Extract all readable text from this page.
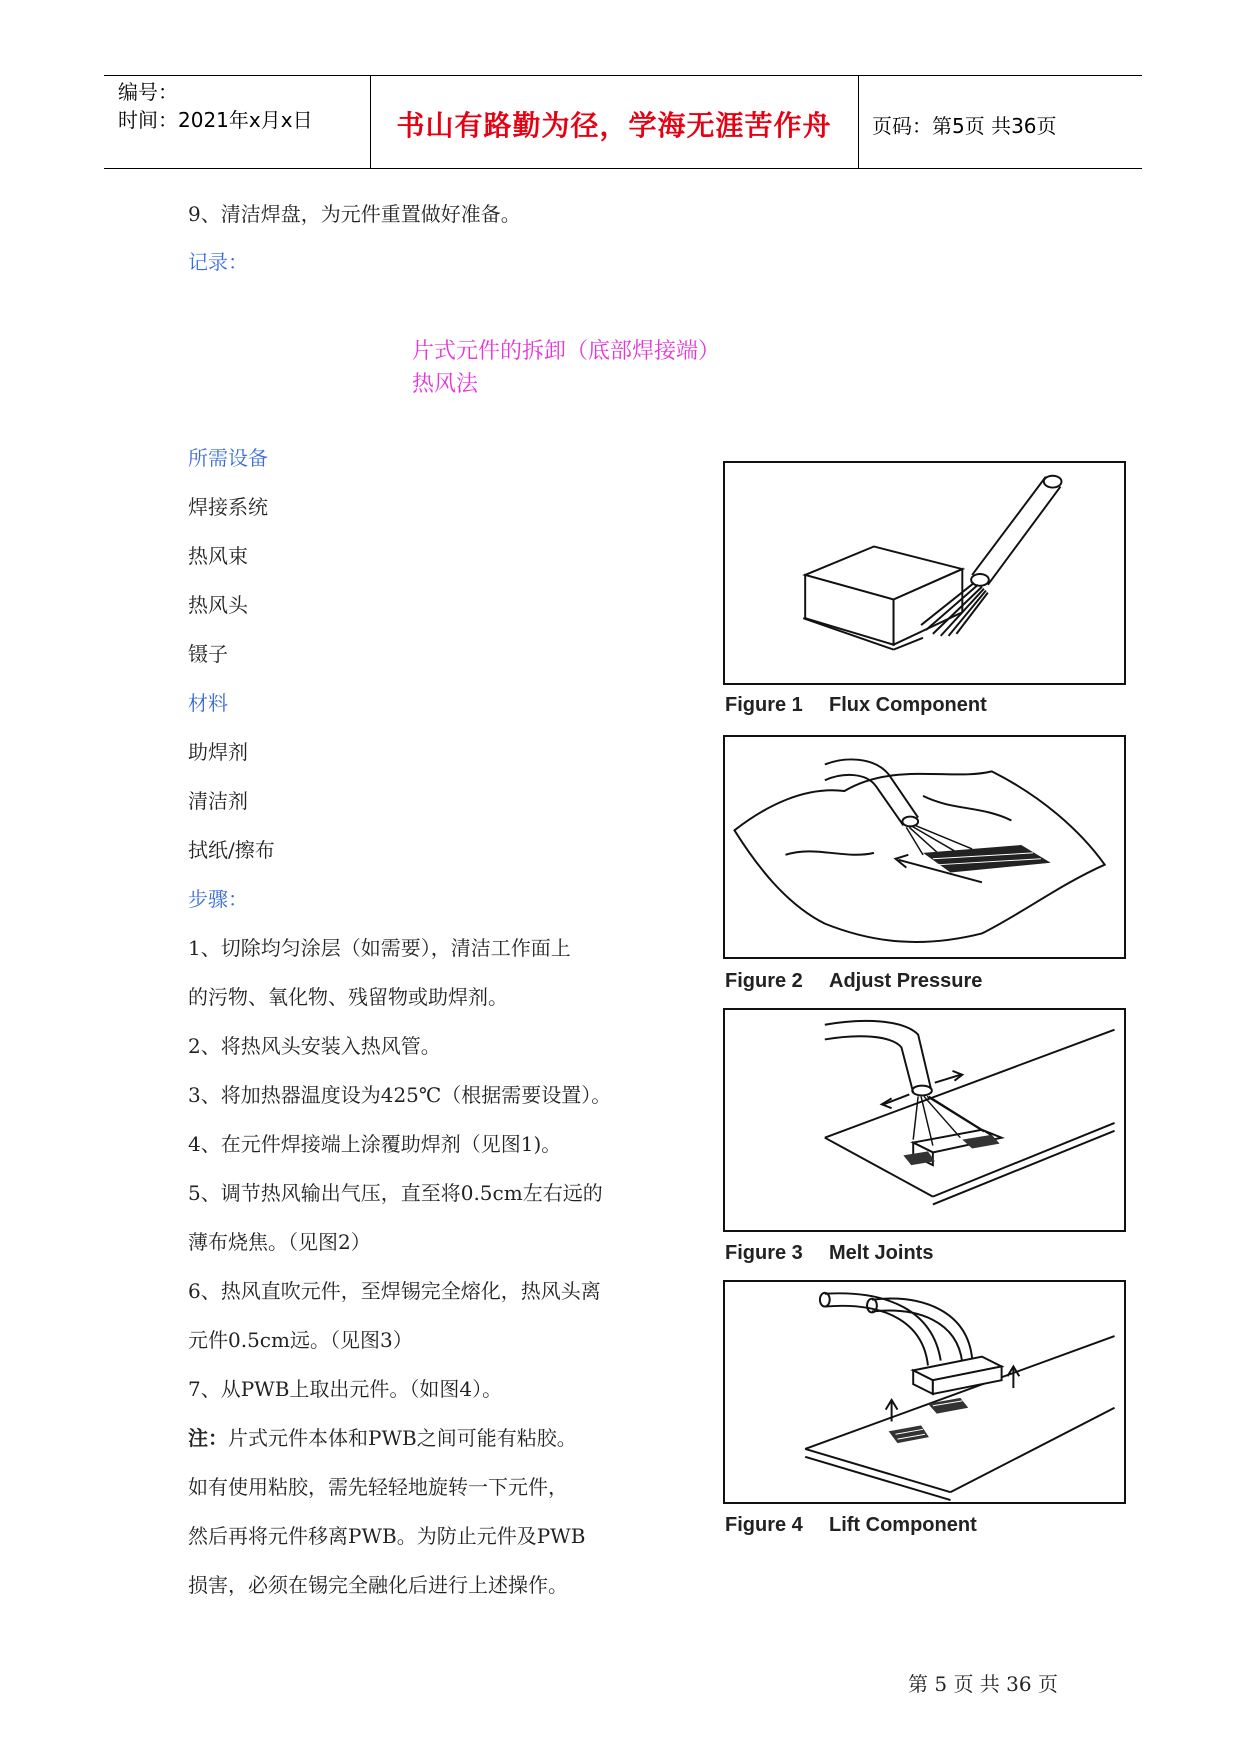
编号：
时间：2021年x月x日	书山有路勤为径，学海无涯苦作舟	页码：第5页 共36页
9、清洁焊盘，为元件重置做好准备。
记录：
片式元件的拆卸（底部焊接端）
热风法
所需设备
焊接系统
热风束
热风头
镊子
材料
助焊剂
清洁剂
拭纸/擦布
步骤：
1、切除均匀涂层（如需要），清洁工作面上
的污物、氧化物、残留物或助焊剂。
2、将热风头安装入热风管。
3、将加热器温度设为425℃（根据需要设置）。
4、在元件焊接端上涂覆助焊剂（见图1)。
5、调节热风输出气压，直至将0.5cm左右远的
薄布烧焦。（见图2）
6、热风直吹元件，至焊锡完全熔化，热风头离
元件0.5cm远。（见图3）
7、从PWB上取出元件。（如图4）。
注：片式元件本体和PWB之间可能有粘胶。
如有使用粘胶，需先轻轻地旋转一下元件，
然后再将元件移离PWB。为防止元件及PWB
损害，必须在锡完全融化后进行上述操作。
Figure 1 Flux Component
Figure 2 Adjust Pressure
Figure 3 Melt Joints
Figure 4 Lift Component
第 5 页 共 36 页
